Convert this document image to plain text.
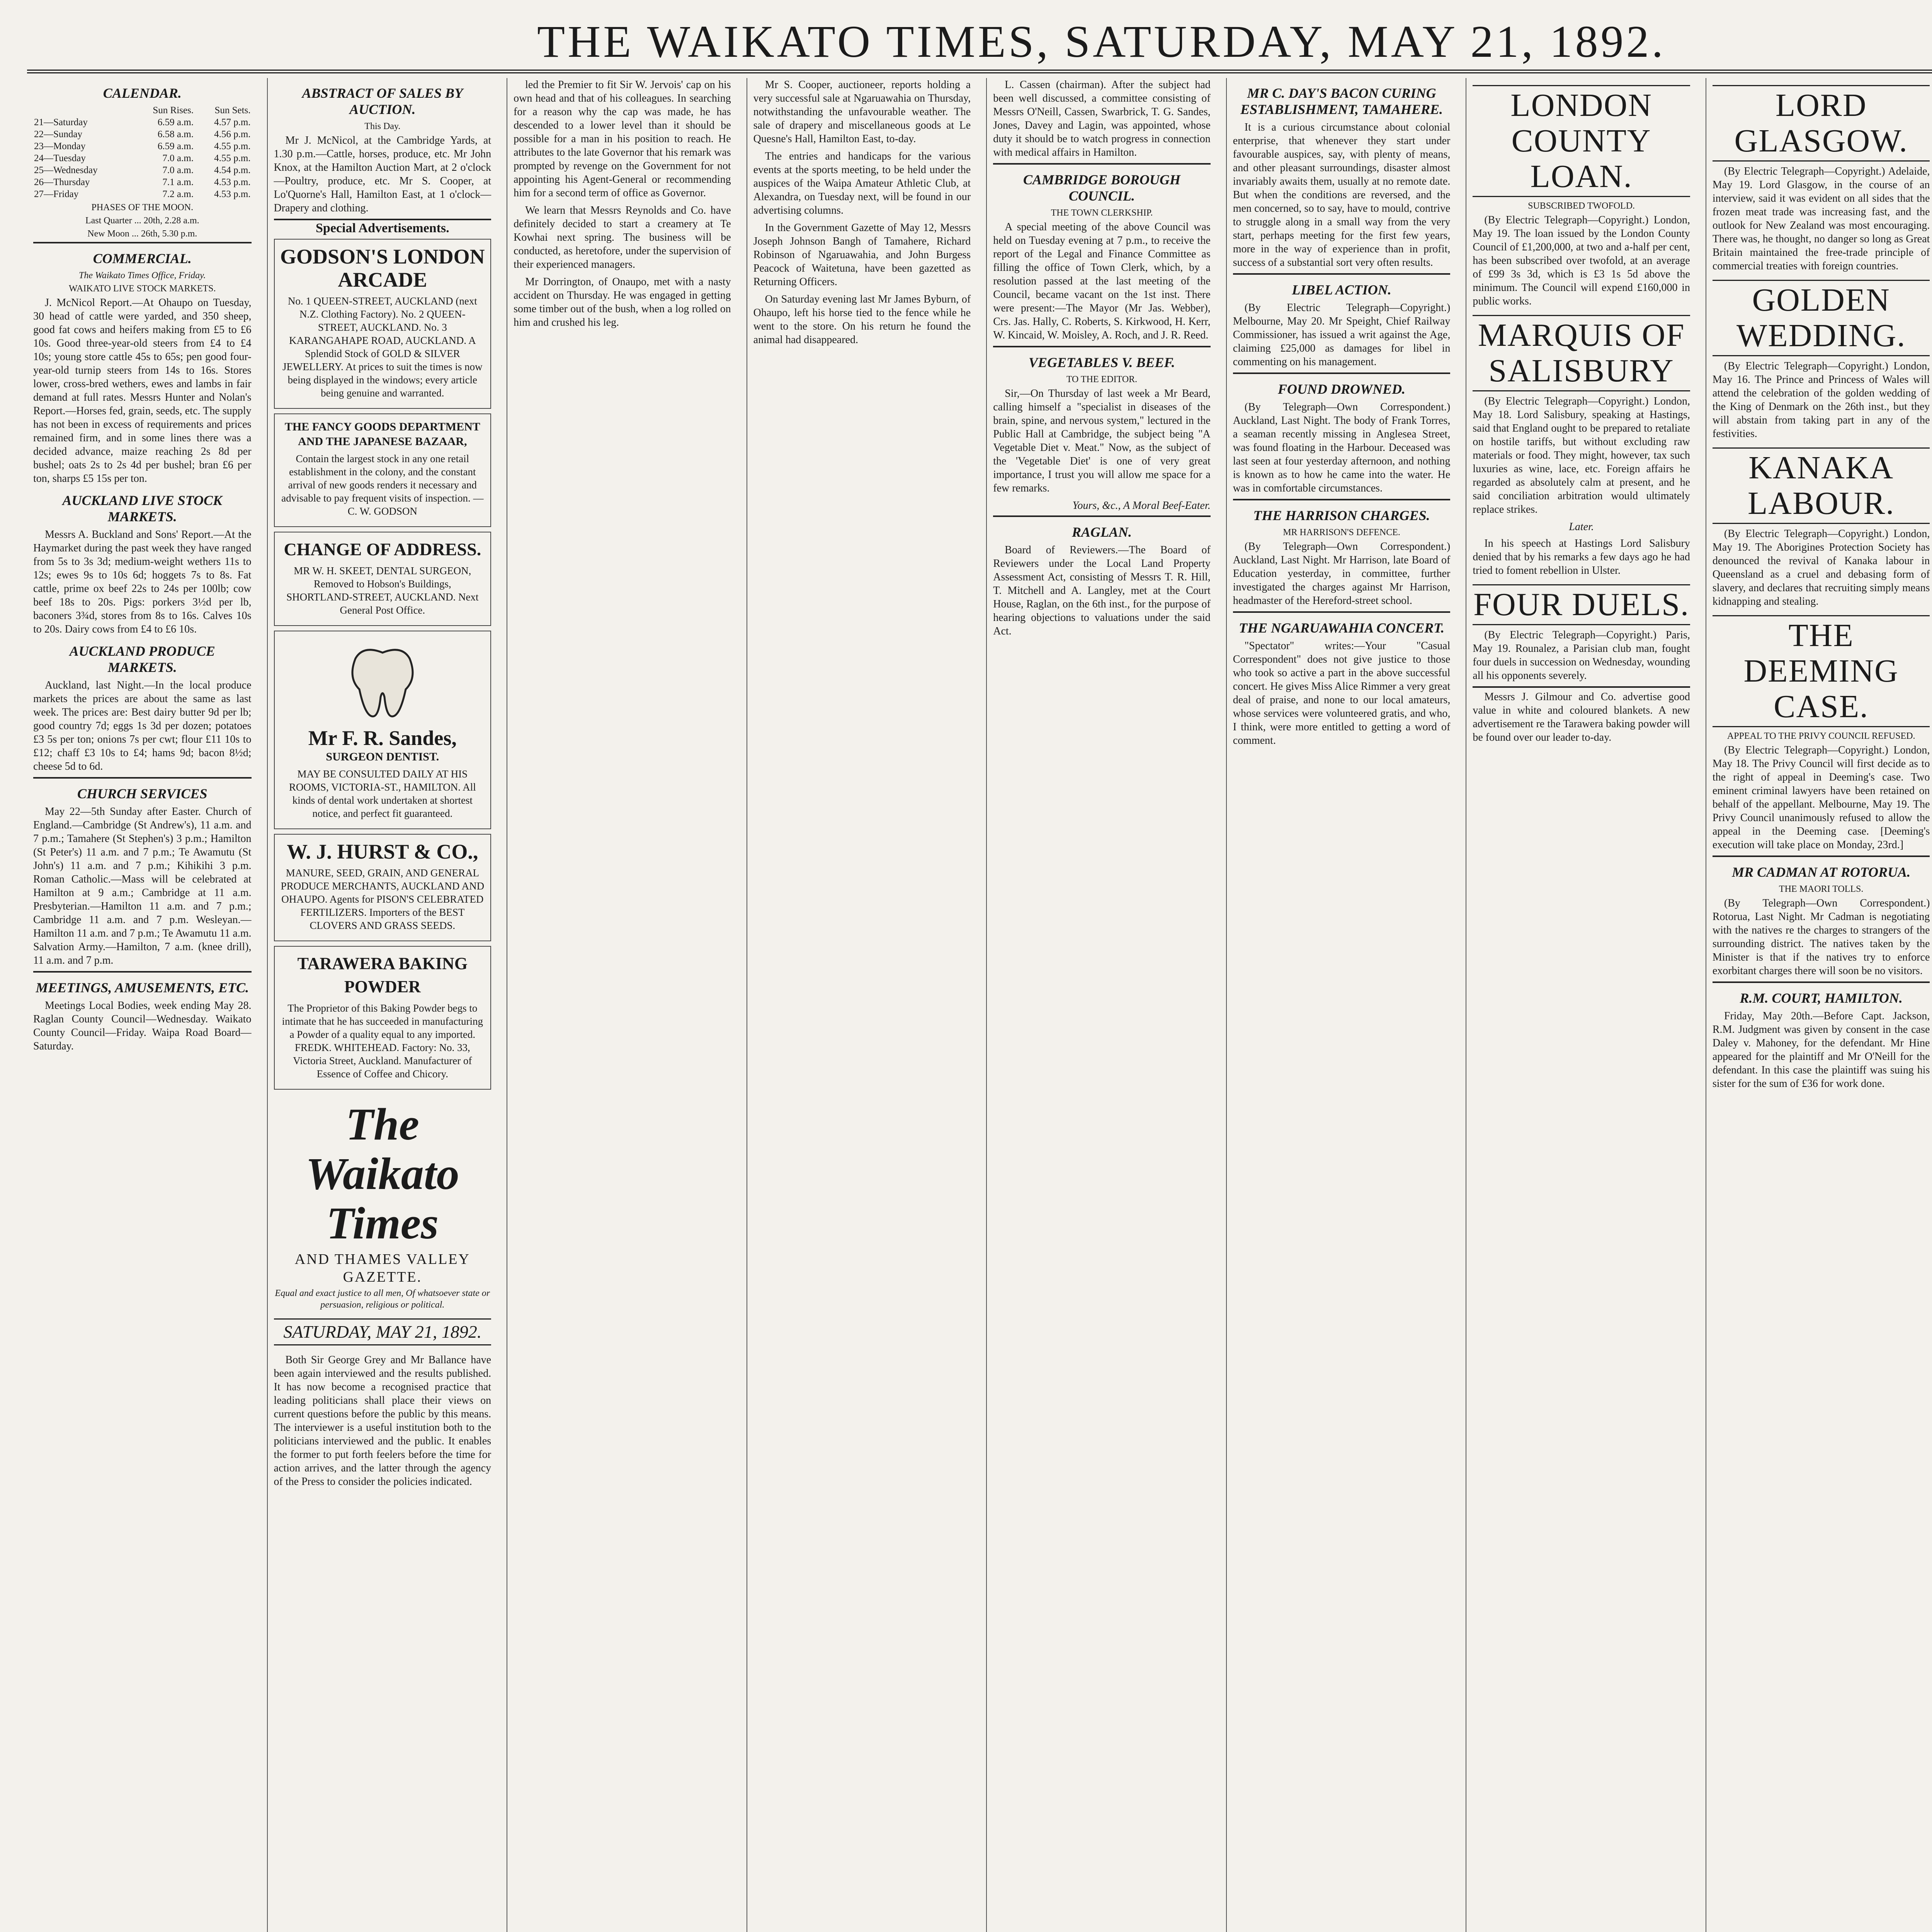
THE WAIKATO TIMES, SATURDAY, MAY 21, 1892.
CALENDAR.
	Sun Rises.	Sun Sets.
21—Saturday	6.59 a.m.	4.57 p.m.
22—Sunday	6.58 a.m.	4.56 p.m.
23—Monday	6.59 a.m.	4.55 p.m.
24—Tuesday	7.0 a.m.	4.55 p.m.
25—Wednesday	7.0 a.m.	4.54 p.m.
26—Thursday	7.1 a.m.	4.53 p.m.
27—Friday	7.2 a.m.	4.53 p.m.
PHASES OF THE MOON.
Last Quarter ... 20th, 2.28 a.m.
New Moon ... 26th, 5.30 p.m.
COMMERCIAL.
The Waikato Times Office, Friday.
WAIKATO LIVE STOCK MARKETS.

J. McNicol Report.—At Ohaupo on Tuesday, 30 head of cattle were yarded, and 350 sheep, good fat cows and heifers making from £5 to £6 10s. Good three-year-old steers from £4 to £4 10s; young store cattle 45s to 65s; pen good four-year-old turnip steers from 14s to 16s. Stores lower, cross-bred wethers, ewes and lambs in fair demand at full rates. Messrs Hunter and Nolan's Report.—Horses fed, grain, seeds, etc. The supply has not been in excess of requirements and prices remained firm, and in some lines there was a decided advance, maize reaching 2s 8d per bushel; oats 2s to 2s 4d per bushel; bran £6 per ton, sharps £5 15s per ton.

AUCKLAND LIVE STOCK MARKETS.

Messrs A. Buckland and Sons' Report.—At the Haymarket during the past week they have ranged from 5s to 3s 3d; medium-weight wethers 11s to 12s; ewes 9s to 10s 6d; hoggets 7s to 8s. Fat cattle, prime ox beef 22s to 24s per 100lb; cow beef 18s to 20s. Pigs: porkers 3½d per lb, baconers 3¾d, stores from 8s to 16s. Calves 10s to 20s. Dairy cows from £4 to £6 10s.

AUCKLAND PRODUCE MARKETS.

Auckland, last Night.—In the local produce markets the prices are about the same as last week. The prices are: Best dairy butter 9d per lb; good country 7d; eggs 1s 3d per dozen; potatoes £3 5s per ton; onions 7s per cwt; flour £11 10s to £12; chaff £3 10s to £4; hams 9d; bacon 8½d; cheese 5d to 6d.

CHURCH SERVICES

May 22—5th Sunday after Easter. Church of England.—Cambridge (St Andrew's), 11 a.m. and 7 p.m.; Tamahere (St Stephen's) 3 p.m.; Hamilton (St Peter's) 11 a.m. and 7 p.m.; Te Awamutu (St John's) 11 a.m. and 7 p.m.; Kihikihi 3 p.m. Roman Catholic.—Mass will be celebrated at Hamilton at 9 a.m.; Cambridge at 11 a.m. Presbyterian.—Hamilton 11 a.m. and 7 p.m.; Cambridge 11 a.m. and 7 p.m. Wesleyan.—Hamilton 11 a.m. and 7 p.m.; Te Awamutu 11 a.m. Salvation Army.—Hamilton, 7 a.m. (knee drill), 11 a.m. and 7 p.m.

MEETINGS, AMUSEMENTS, ETC.

Meetings Local Bodies, week ending May 28. Raglan County Council—Wednesday. Waikato County Council—Friday. Waipa Road Board—Saturday.

ABSTRACT OF SALES BY AUCTION.
This Day.

Mr J. McNicol, at the Cambridge Yards, at 1.30 p.m.—Cattle, horses, produce, etc. Mr John Knox, at the Hamilton Auction Mart, at 2 o'clock—Poultry, produce, etc. Mr S. Cooper, at Lo'Quorne's Hall, Hamilton East, at 1 o'clock—Drapery and clothing.

Special Advertisements.
GODSON'S LONDON ARCADE

No. 1 QUEEN-STREET, AUCKLAND (next N.Z. Clothing Factory). No. 2 QUEEN-STREET, AUCKLAND. No. 3 KARANGAHAPE ROAD, AUCKLAND. A Splendid Stock of GOLD & SILVER JEWELLERY. At prices to suit the times is now being displayed in the windows; every article being genuine and warranted.

THE FANCY GOODS DEPARTMENT AND THE JAPANESE BAZAAR,

Contain the largest stock in any one retail establishment in the colony, and the constant arrival of new goods renders it necessary and advisable to pay frequent visits of inspection. — C. W. GODSON

CHANGE OF ADDRESS.

MR W. H. SKEET, DENTAL SURGEON, Removed to Hobson's Buildings, SHORTLAND-STREET, AUCKLAND. Next General Post Office.

Mr F. R. Sandes,
SURGEON DENTIST.

MAY BE CONSULTED DAILY AT HIS ROOMS, VICTORIA-ST., HAMILTON. All kinds of dental work undertaken at shortest notice, and perfect fit guaranteed.

W. J. HURST & CO.,

MANURE, SEED, GRAIN, AND GENERAL PRODUCE MERCHANTS, AUCKLAND AND OHAUPO. Agents for PISON'S CELEBRATED FERTILIZERS. Importers of the BEST CLOVERS AND GRASS SEEDS.

TARAWERA BAKING POWDER

The Proprietor of this Baking Powder begs to intimate that he has succeeded in manufacturing a Powder of a quality equal to any imported. FREDK. WHITEHEAD. Factory: No. 33, Victoria Street, Auckland. Manufacturer of Essence of Coffee and Chicory.

The Waikato Times
AND THAMES VALLEY GAZETTE.
Equal and exact justice to all men, Of whatsoever state or persuasion, religious or political.
SATURDAY, MAY 21, 1892.

Both Sir George Grey and Mr Ballance have been again interviewed and the results published. It has now become a recognised practice that leading politicians shall place their views on current questions before the public by this means. The interviewer is a useful institution both to the politicians interviewed and the public. It enables the former to put forth feelers before the time for action arrives, and the latter through the agency of the Press to consider the policies indicated.

led the Premier to fit Sir W. Jervois' cap on his own head and that of his colleagues. In searching for a reason why the cap was made, he has descended to a lower level than it should be possible for a man in his position to reach. He attributes to the late Governor that his remark was prompted by revenge on the Government for not appointing his Agent-General or recommending him for a second term of office as Governor.

We learn that Messrs Reynolds and Co. have definitely decided to start a creamery at Te Kowhai next spring. The business will be conducted, as heretofore, under the supervision of their experienced managers.

Mr Dorrington, of Onaupo, met with a nasty accident on Thursday. He was engaged in getting some timber out of the bush, when a log rolled on him and crushed his leg.

Mr S. Cooper, auctioneer, reports holding a very successful sale at Ngaruawahia on Thursday, notwithstanding the unfavourable weather. The sale of drapery and miscellaneous goods at Le Quesne's Hall, Hamilton East, to-day.

The entries and handicaps for the various events at the sports meeting, to be held under the auspices of the Waipa Amateur Athletic Club, at Alexandra, on Tuesday next, will be found in our advertising columns.

In the Government Gazette of May 12, Messrs Joseph Johnson Bangh of Tamahere, Richard Robinson of Ngaruawahia, and John Burgess Peacock of Waitetuna, have been gazetted as Returning Officers.

On Saturday evening last Mr James Byburn, of Ohaupo, left his horse tied to the fence while he went to the store. On his return he found the animal had disappeared.

L. Cassen (chairman). After the subject had been well discussed, a committee consisting of Messrs O'Neill, Cassen, Swarbrick, T. G. Sandes, Jones, Davey and Lagin, was appointed, whose duty it should be to watch progress in connection with medical affairs in Hamilton.

CAMBRIDGE BOROUGH COUNCIL.
THE TOWN CLERKSHIP.

A special meeting of the above Council was held on Tuesday evening at 7 p.m., to receive the report of the Legal and Finance Committee as filling the office of Town Clerk, which, by a resolution passed at the last meeting of the Council, became vacant on the 1st inst. There were present:—The Mayor (Mr Jas. Webber), Crs. Jas. Hally, C. Roberts, S. Kirkwood, H. Kerr, W. Kincaid, W. Moisley, A. Roch, and J. R. Reed.

VEGETABLES V. BEEF.
TO THE EDITOR.

Sir,—On Thursday of last week a Mr Beard, calling himself a "specialist in diseases of the brain, spine, and nervous system," lectured in the Public Hall at Cambridge, the subject being "A Vegetable Diet v. Meat." Now, as the subject of the 'Vegetable Diet' is one of very great importance, I trust you will allow me space for a few remarks.

Yours, &c., A Moral Beef-Eater.
RAGLAN.

Board of Reviewers.—The Board of Reviewers under the Local Land Property Assessment Act, consisting of Messrs T. R. Hill, T. Mitchell and A. Langley, met at the Court House, Raglan, on the 6th inst., for the purpose of hearing objections to valuations under the said Act.

MR C. DAY'S BACON CURING ESTABLISHMENT, TAMAHERE.

It is a curious circumstance about colonial enterprise, that whenever they start under favourable auspices, say, with plenty of means, and other pleasant surroundings, disaster almost invariably awaits them, usually at no remote date. But when the conditions are reversed, and the men concerned, so to say, have to mould, contrive to struggle along in a small way from the very start, perhaps meeting for the first few years, more in the way of experience than in profit, success of a substantial sort very often results.

LIBEL ACTION.

(By Electric Telegraph—Copyright.) Melbourne, May 20. Mr Speight, Chief Railway Commissioner, has issued a writ against the Age, claiming £25,000 as damages for libel in commenting on his management.

FOUND DROWNED.

(By Telegraph—Own Correspondent.) Auckland, Last Night. The body of Frank Torres, a seaman recently missing in Anglesea Street, was found floating in the Harbour. Deceased was last seen at four yesterday afternoon, and nothing is known as to how he came into the water. He was in comfortable circumstances.

THE HARRISON CHARGES.
MR HARRISON'S DEFENCE.

(By Telegraph—Own Correspondent.) Auckland, Last Night. Mr Harrison, late Board of Education yesterday, in committee, further investigated the charges against Mr Harrison, headmaster of the Hereford-street school.

THE NGARUAWAHIA CONCERT.

"Spectator" writes:—Your "Casual Correspondent" does not give justice to those who took so active a part in the above successful concert. He gives Miss Alice Rimmer a very great deal of praise, and none to our local amateurs, whose services were volunteered gratis, and who, I think, were more entitled to getting a word of comment.

LONDON COUNTY LOAN.
SUBSCRIBED TWOFOLD.

(By Electric Telegraph—Copyright.) London, May 19. The loan issued by the London County Council of £1,200,000, at two and a-half per cent, has been subscribed over twofold, at an average of £99 3s 3d, which is £3 1s 5d above the minimum. The Council will expend £160,000 in public works.

MARQUIS OF SALISBURY

(By Electric Telegraph—Copyright.) London, May 18. Lord Salisbury, speaking at Hastings, said that England ought to be prepared to retaliate on hostile tariffs, but without excluding raw materials or food. They might, however, tax such luxuries as wine, lace, etc. Foreign affairs he regarded as absolutely calm at present, and he said conciliation arbitration would ultimately replace strikes.

Later.

In his speech at Hastings Lord Salisbury denied that by his remarks a few days ago he had tried to foment rebellion in Ulster.

FOUR DUELS.

(By Electric Telegraph—Copyright.) Paris, May 19. Rounalez, a Parisian club man, fought four duels in succession on Wednesday, wounding all his opponents severely.

Messrs J. Gilmour and Co. advertise good value in white and coloured blankets. A new advertisement re the Tarawera baking powder will be found over our leader to-day.

LORD GLASGOW.

(By Electric Telegraph—Copyright.) Adelaide, May 19. Lord Glasgow, in the course of an interview, said it was evident on all sides that the frozen meat trade was increasing fast, and the outlook for New Zealand was most encouraging. There was, he thought, no danger so long as Great Britain maintained the free-trade principle of commercial treaties with foreign countries.

GOLDEN WEDDING.

(By Electric Telegraph—Copyright.) London, May 16. The Prince and Princess of Wales will attend the celebration of the golden wedding of the King of Denmark on the 26th inst., but they will abstain from taking part in any of the festivities.

KANAKA LABOUR.

(By Electric Telegraph—Copyright.) London, May 19. The Aborigines Protection Society has denounced the revival of Kanaka labour in Queensland as a cruel and debasing form of slavery, and declares that recruiting simply means kidnapping and stealing.

THE DEEMING CASE.
APPEAL TO THE PRIVY COUNCIL REFUSED.

(By Electric Telegraph—Copyright.) London, May 18. The Privy Council will first decide as to the right of appeal in Deeming's case. Two eminent criminal lawyers have been retained on behalf of the appellant. Melbourne, May 19. The Privy Council unanimously refused to allow the appeal in the Deeming case. [Deeming's execution will take place on Monday, 23rd.]

MR CADMAN AT ROTORUA.
THE MAORI TOLLS.

(By Telegraph—Own Correspondent.) Rotorua, Last Night. Mr Cadman is negotiating with the natives re the charges to strangers of the surrounding district. The natives taken by the Minister is that if the natives try to enforce exorbitant charges there will soon be no visitors.

R.M. COURT, HAMILTON.

Friday, May 20th.—Before Capt. Jackson, R.M. Judgment was given by consent in the case Daley v. Mahoney, for the defendant. Mr Hine appeared for the plaintiff and Mr O'Neill for the defendant. In this case the plaintiff was suing his sister for the sum of £36 for work done.
